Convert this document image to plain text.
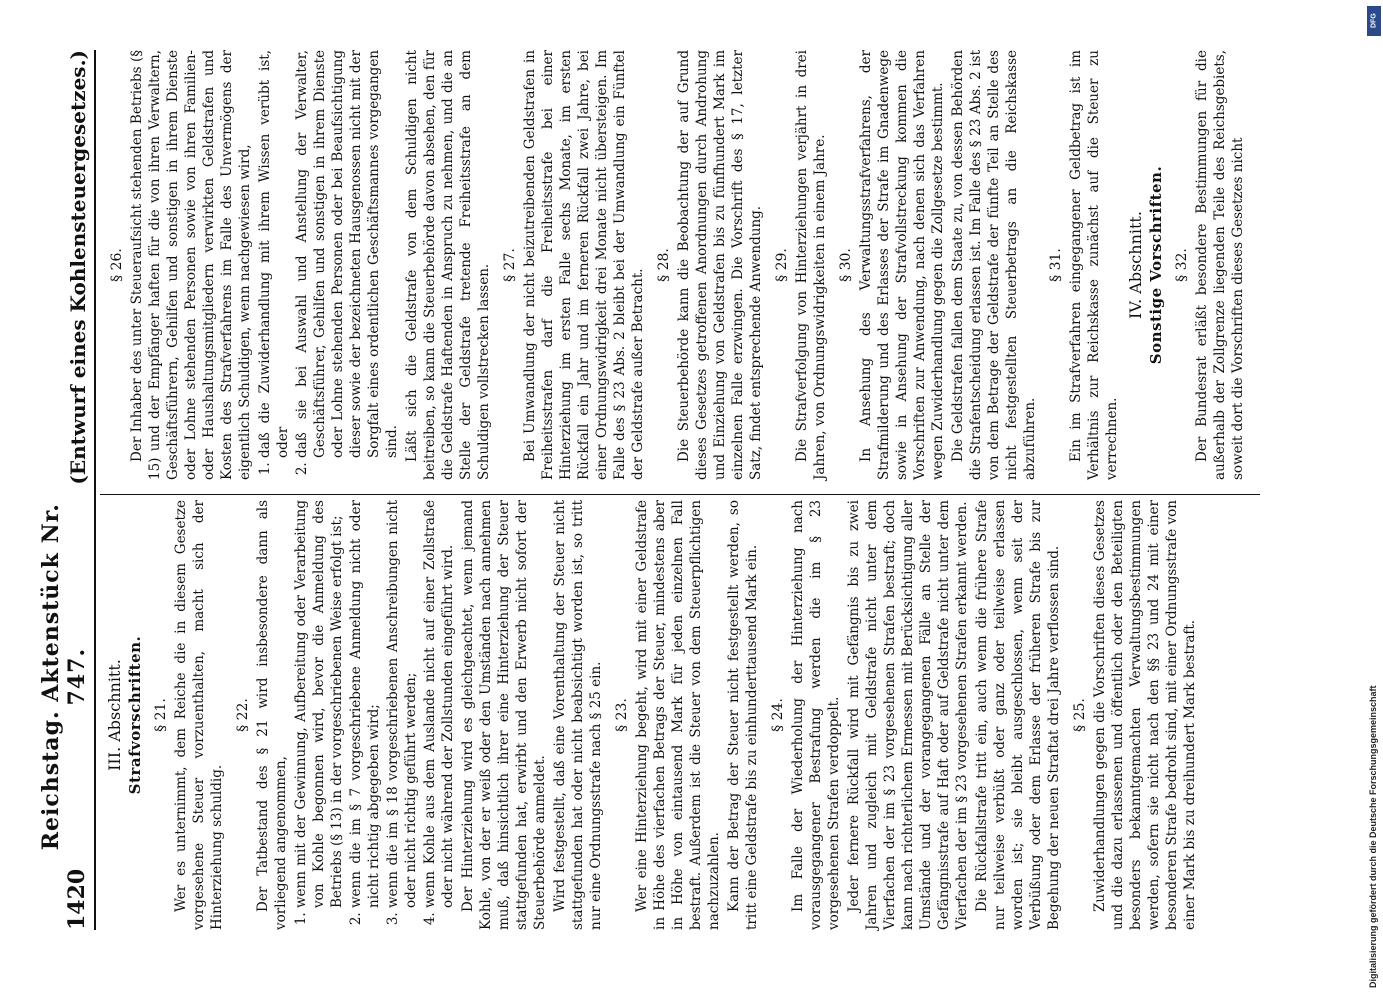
1420
Reichstag. Aktenstück Nr. 747.
(Entwurf eines Kohlensteuergesetzes.)
III. Abschnitt. Strafvorschriften. § 21. Wer es unternimmt, dem Reiche die in diesem Gesetze vorgesehene Steuer vorzuenthalten, macht sich der Hinterziehung schuldig.

§ 22. Der Tatbestand des § 21 wird insbesondere dann als vorliegend angenommen, 1. wenn mit der Gewinnung, Aufbereitung oder Verarbeitung von Kohle begonnen wird, bevor die Anmeldung des Betriebs (§ 13) in der vorgeschriebenen Weise erfolgt ist; 2. wenn die im § 7 vorgeschriebene Anmeldung nicht oder nicht richtig abgegeben wird; 3. wenn die im § 18 vorgeschriebenen Anschreibungen nicht oder nicht richtig geführt werden; 4. wenn Kohle aus dem Auslande nicht auf einer Zollstraße oder nicht während der Zollstunden eingeführt wird. Der Hinterziehung wird es gleichgeachtet, wenn jemand Kohle, von der er weiß oder den Umständen nach annehmen muß, daß hinsichtlich ihrer eine Hinterziehung der Steuer stattgefunden hat, erwirbt und den Erwerb nicht sofort der Steuerbehörde anmeldet. Wird festgestellt, daß eine Vorenthaltung der Steuer nicht stattgefunden hat oder nicht beabsichtigt worden ist, so tritt nur eine Ordnungsstrafe nach § 25 ein. § 23. Wer eine Hinterziehung begeht, wird mit einer Geldstrafe in Höhe des vierfachen Betrags der Steuer, mindestens aber in Höhe von eintausend Mark für jeden einzelnen Fall bestraft. Außerdem ist die Steuer von dem Steuerpflichtigen nachzuzahlen. Kann der Betrag der Steuer nicht festgestellt werden, so tritt eine Geldstrafe bis zu einhunderttausend Mark ein. § 24. Im Falle der Wiederholung der Hinterziehung nach vorausgegangener Bestrafung werden die im § 23 vorgesehenen Strafen verdoppelt. Jeder fernere Rückfall wird mit Gefängnis bis zu zwei Jahren und zugleich mit Geldstrafe nicht unter dem Vierfachen der im § 23 vorgesehenen Strafen bestraft; doch kann nach richterlichem Ermessen mit Berücksichtigung aller Umstände und der vorangegangenen Fälle an Stelle der Gefängnisstrafe auf Haft oder auf Geldstrafe nicht unter dem Vierfachen der im § 23 vorgesehenen Strafen erkannt werden. Die Rückfallstrafe tritt ein, auch wenn die frühere Strafe nur teilweise verbüßt oder ganz oder teilweise erlassen worden ist; sie bleibt ausgeschlossen, wenn seit der Verbüßung oder dem Erlasse der früheren Strafe bis zur Begehung der neuen Straftat drei Jahre verflossen sind. § 25. Zuwiderhandlungen gegen die Vorschriften dieses Gesetzes und die dazu erlassenen und öffentlich oder den Beteiligten besonders bekanntgemachten Verwaltungsbestimmungen werden, sofern sie nicht nach den §§ 23 und 24 mit einer besonderen Strafe bedroht sind, mit einer Ordnungsstrafe von einer Mark bis zu dreihundert Mark bestraft.

§ 26. Der Inhaber des unter Steueraufsicht stehenden Betriebs (§ 15) und der Empfänger haften für die von ihren Verwaltern, Geschäftsführern, Gehilfen und sonstigen in ihrem Dienste oder Lohne stehenden Personen sowie von ihren Familien- oder Haushaltungsmitgliedern verwirkten Geldstrafen und Kosten des Strafverfahrens im Falle des Unvermögens der eigentlich Schuldigen, wenn nachgewiesen wird, 1. daß die Zuwiderhandlung mit ihrem Wissen verübt ist, oder 2. daß sie bei Auswahl und Anstellung der Verwalter, Geschäftsführer, Gehilfen und sonstigen in ihrem Dienste oder Lohne stehenden Personen oder bei Beaufsichtigung dieser sowie der bezeichneten Hausgenossen nicht mit der Sorgfalt eines ordentlichen Geschäftsmannes vorgegangen sind. Läßt sich die Geldstrafe von dem Schuldigen nicht beitreiben, so kann die Steuerbehörde davon absehen, den für die Geldstrafe Haftenden in Anspruch zu nehmen, und die an Stelle der Geldstrafe tretende Freiheitsstrafe an dem Schuldigen vollstrecken lassen. § 27. Bei Umwandlung der nicht beizutreibenden Geldstrafen in Freiheitsstrafen darf die Freiheitsstrafe bei einer Hinterziehung im ersten Falle sechs Monate, im ersten Rückfall ein Jahr und im ferneren Rückfall zwei Jahre, bei einer Ordnungswidrigkeit drei Monate nicht übersteigen. Im Falle des § 23 Abs. 2 bleibt bei der Umwandlung ein Fünftel der Geldstrafe außer Betracht.

§ 28. Die Steuerbehörde kann die Beobachtung der auf Grund dieses Gesetzes getroffenen Anordnungen durch Androhung und Einziehung von Geldstrafen bis zu fünfhundert Mark im einzelnen Falle erzwingen. Die Vorschrift des § 17, letzter Satz, findet entsprechende Anwendung. § 29. Die Strafverfolgung von Hinterziehungen verjährt in drei Jahren, von Ordnungswidrigkeiten in einem Jahre. § 30. In Ansehung des Verwaltungsstrafverfahrens, der Strafmilderung und des Erlasses der Strafe im Gnadenwege sowie in Ansehung der Strafvollstreckung kommen die Vorschriften zur Anwendung, nach denen sich das Verfahren wegen Zuwiderhandlung gegen die Zollgesetze bestimmt. Die Geldstrafen fallen dem Staate zu, von dessen Behörden die Strafentscheidung erlassen ist. Im Falle des § 23 Abs. 2 ist von dem Betrage der Geldstrafe der fünfte Teil an Stelle des nicht festgestellten Steuerbetrags an die Reichskasse abzuführen.

§ 31. Ein im Strafverfahren eingegangener Geldbetrag ist im Verhältnis zur Reichskasse zunächst auf die Steuer zu verrechnen.

IV. Abschnitt. Sonstige Vorschriften. § 32. Der Bundesrat erläßt besondere Bestimmungen für die außerhalb der Zollgrenze liegenden Teile des Reichsgebiets, soweit dort die Vorschriften dieses Gesetzes nicht

DFG
Digitalisierung gefördert durch die Deutsche Forschungsgemeinschaft
